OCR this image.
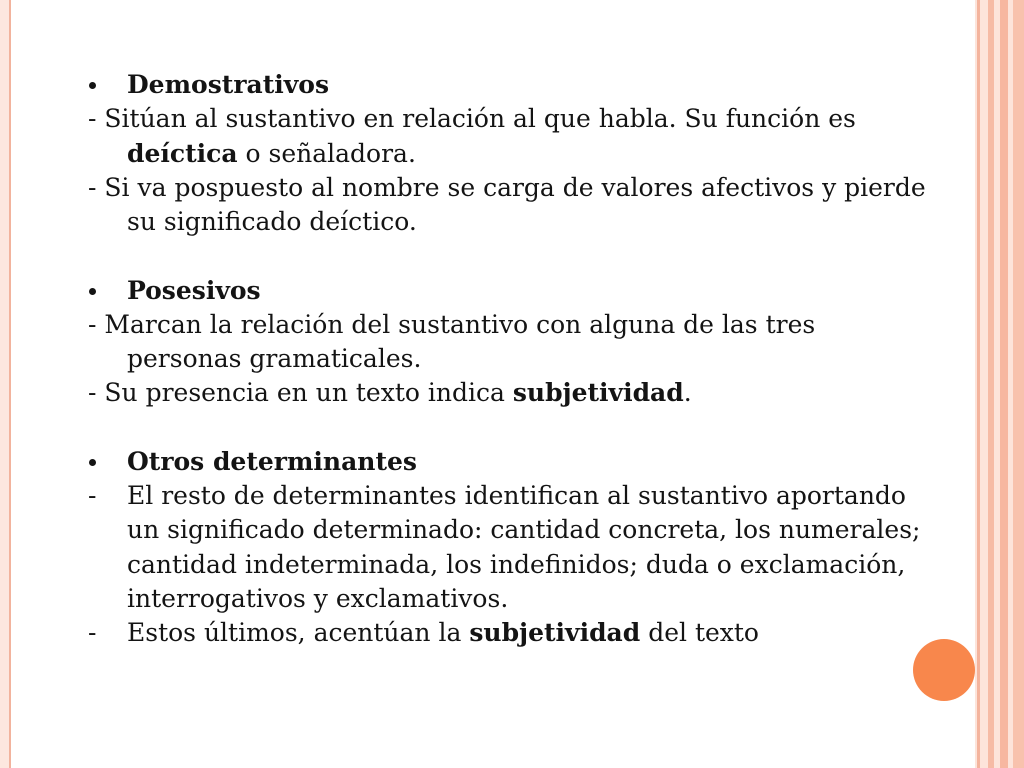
Demostrativos
- Sitúan al sustantivo en relación al que habla. Su función es
deíctica o señaladora.
- Si va pospuesto al nombre se carga de valores afectivos y pierde
su significado deíctico.
Posesivos
- Marcan la relación del sustantivo con alguna de las tres
personas gramaticales.
- Su presencia en un texto indica subjetividad.
Otros determinantes
- El resto de determinantes identifican al sustantivo aportando
un significado determinado: cantidad concreta, los numerales;
cantidad indeterminada, los indefinidos; duda o exclamación,
interrogativos y exclamativos.
- Estos últimos, acentúan la subjetividad del texto
